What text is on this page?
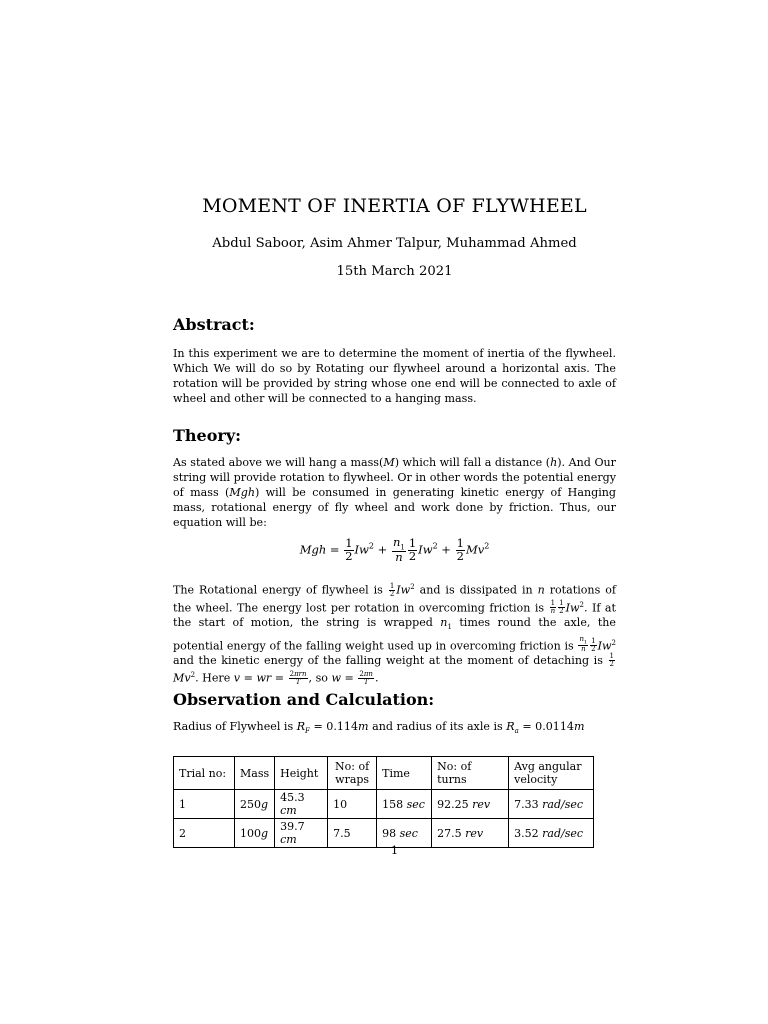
MOMENT OF INERTIA OF FLYWHEEL
Abdul Saboor, Asim Ahmer Talpur, Muhammad Ahmed
15th March 2021
Abstract:

In this experiment we are to determine the moment of inertia of the flywheel. Which We will do so by Rotating our flywheel around a horizontal axis. The rotation will be provided by string whose one end will be connected to axle of wheel and other will be connected to a hanging mass.

Theory:

As stated above we will hang a mass(M) which will fall a distance (h). And Our string will provide rotation to flywheel. Or in other words the potential energy of mass (Mgh) will be consumed in generating kinetic energy of Hanging mass, rotational energy of fly wheel and work done by friction. Thus, our equation will be:

Mgh = $\frac{1}{2} Iw^2 + \frac{n_1}{n} \frac{1}{2} Iw^2 + \frac{1}{2} Mv^2$

The Rotational energy of flywheel is $\frac{1}{2} Iw^2$ and is dissipated in n rotations of the wheel. The energy lost per rotation in overcoming friction is $\frac{1}{n} \frac{1}{2} Iw^2$. If at the start of motion, the string is wrapped $n_1$ times round the axle, the potential energy of the falling weight used up in overcoming friction is $\frac{n_1}{n} \frac{1}{2} Iw^2$ and the kinetic energy of the falling weight at the moment of detaching is $\frac{1}{2}$
Mv$^2$. Here v = wr = $\frac{\text{2πrn}}{T}$ , so $w = \frac{2\pi n}{T}$ .

Observation and Calculation:

Radius of Flywheel is $R_F = 0.114m$ and radius of its axle is $R_a = 0.0114m$

Trial no:	Mass	Height	No: of wraps	Time	No: of turns	Avg angular velocity
1	250g	45.3 cm	10	158 sec	92.25 rev	7.33 rad/sec
2	100g	39.7 cm	7.5	98 sec	27.5 rev	3.52 rad/sec
1
